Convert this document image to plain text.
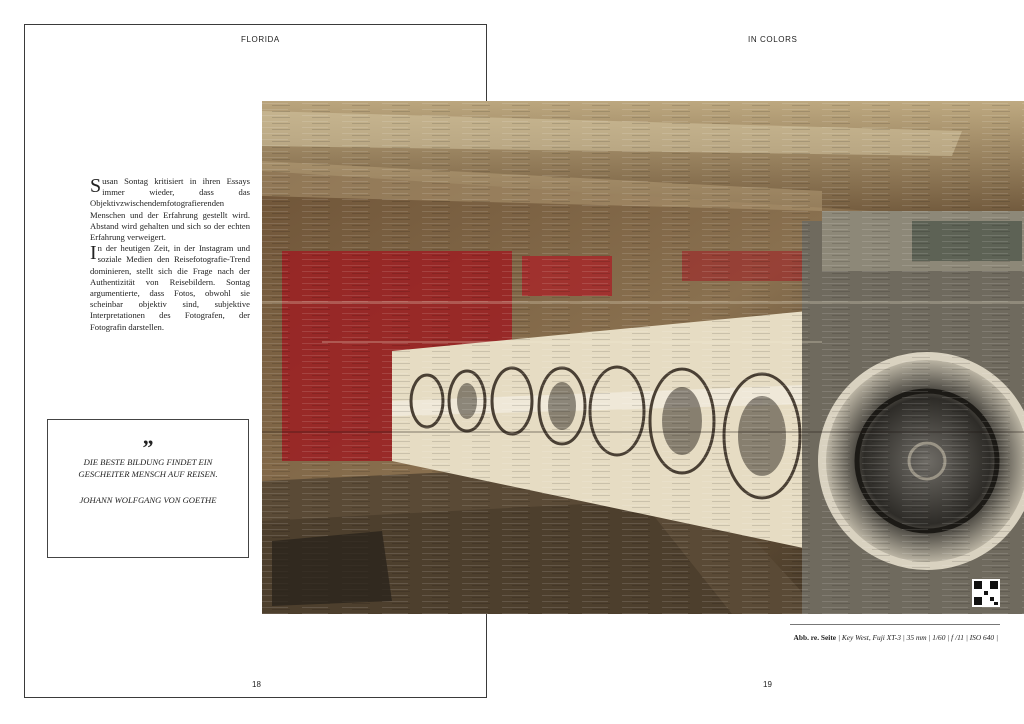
FLORIDA	IN COLORS

Susan Sontag kritisiert in ihren Essays immer wieder, dass das Objektivzwischendemfotografierenden Menschen und der Erfahrung gestellt wird. Abstand wird gehalten und sich so der echten Erfahrung verweigert.

In der heutigen Zeit, in der Instagram und soziale Medien den Reisefotografie-Trend dominieren, stellt sich die Frage nach der Authentizität von Reisebildern. Sontag argumentierte, dass Fotos, obwohl sie scheinbar objektiv sind, subjektive Interpretationen des Fotografen, der Fotografin darstellen.

”
DIE BESTE BILDUNG FINDET EIN GESCHEITER MENSCH AUF REISEN.
JOHANN WOLFGANG VON GOETHE
Abb. re. Seite | Key West, Fuji XT-3 | 35 mm | 1/60 | f /11 | ISO 640 |
18	19
